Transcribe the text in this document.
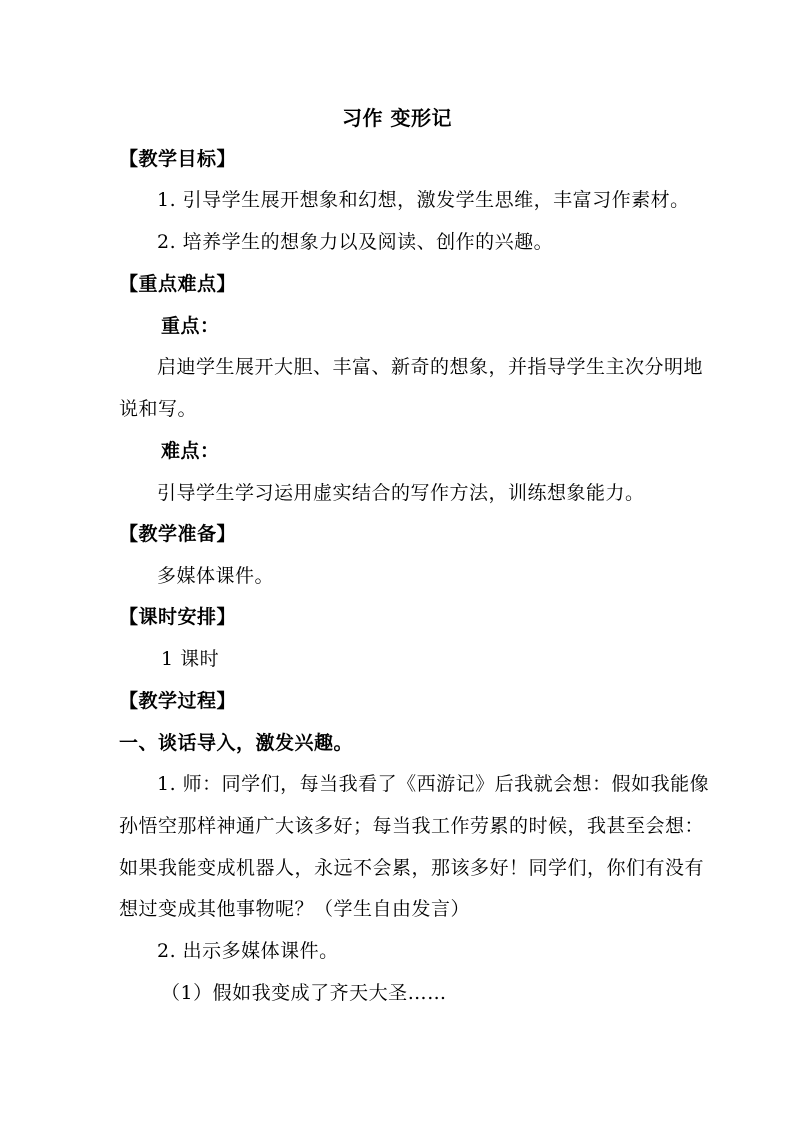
习作 变形记
【教学目标】
1. 引导学生展开想象和幻想，激发学生思维，丰富习作素材。
2. 培养学生的想象力以及阅读、创作的兴趣。
【重点难点】
重点：
启迪学生展开大胆、丰富、新奇的想象，并指导学生主次分明地
说和写。
难点：
引导学生学习运用虚实结合的写作方法，训练想象能力。
【教学准备】
多媒体课件。
【课时安排】
1 课时
【教学过程】
一、谈话导入，激发兴趣。
1. 师：同学们，每当我看了《西游记》后我就会想：假如我能像
孙悟空那样神通广大该多好；每当我工作劳累的时候，我甚至会想：
如果我能变成机器人，永远不会累，那该多好！同学们，你们有没有
想过变成其他事物呢？（学生自由发言）
2. 出示多媒体课件。
（1）假如我变成了齐天大圣……
